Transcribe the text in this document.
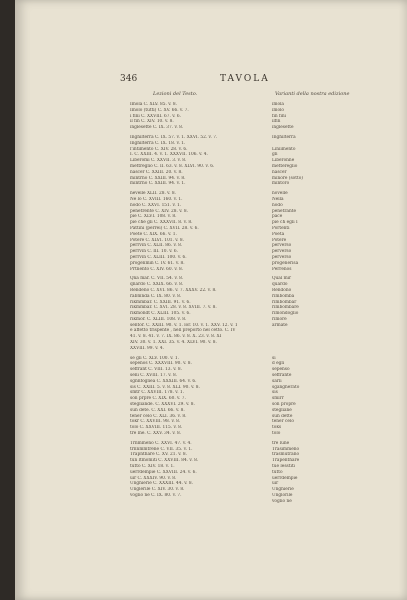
346	TAVOLA
Lezioni del Testo.	Varianti della nostra edizione
Imola C. XLV. 85. v. 8.
Imolo (tutti) C. XV. 66. v. 7.
i fini C. XXVIII. 67. v. 6.
il fin C. XIV. 10. v. 8.
inglesette C. IX. 37. v. 8.
Inghilterra C. IX. 57. v. 1. XXVI. 52. v. 7.
Inghilterra C. IX. 18. v. 1.
l'intimento C. XIV. 28. v. 6.
I. C. XXIII. 4. v. 1. XXXVII. 106. v. 4.
Liberomi C. XXVII. 3. v. 8.
mettreglio C. II. 63. v. 8. XLVI. 90. v. 6.
nascer C. XXIII. 20. v. 8.
mintrno C. XXIII. 94. v. 8.
mintrno C. XXIII. 94. v. 1.
nevelle XLII. 28. v. 8.
Ne lo C. XVIII. 160. v. 1.
nodo C. XXVI. 151. v. 1.
penetrente C. XIV. 28. v. 8.
pie C. XLVI. 108. v. 8.
pie che gli C. XXXVII. 8. v. 8.
Pattini (perrei) C. XVII. 28. v. 6.
Poete C. XIX. 66. v. 1.
Potere C. XLVI. 101. v. 8.
perrvin C. XLII. 86. v. 8.
perrvin C. III. 10. v. 6.
perrvin C. XLIII. 100. v. 6.
progenmin C. IV. 61. v. 8.
Prtnento C. XIV. 60. v. 8.
Qna mar. C. VII. 54. v. 8.
qnardo C. XXIX. 66. v. 8.
Rendeno C. XVI. 86. v. 7. XXXV. 22. v. 8.
rabmnda C. IX. 80. v. 8.
rikmmbar. C. XXIII. 91. v. 6.
rikmmbar. C. XVI. 28. v. 8. XVIII. 7. v. 8.
rikmondt C. XLIII. 105. v. 6.
rikmor. C. XLIII. 108. v. 8.
sentor. C. XXIII. 90. v. 1. lor. 10. v. 1. XXV. 12. v. 1
e affetto trispente , nell preporto nel cetto. C. IV
41. v. 8. 41. v. 7. IX. 86. v. 8. X. 23. v. 8. XI
XIV. 30. v. 1. XXI. 35. v. 4. XLVI. 90. v. 8.
XXVIII. 99. v. 4.
se gli C. XLV. 100. v. 1.
sepenos C. XXXVIII. 90. v. 8.
seffrant C. VIII. 13. v. 8.
seni C. XVIII. 17. v. 8.
sgnnfogliea C. XXXIII. 64. v. 6.
sis C. XXIII. 5. v. 8. XLI. 90. v. 8.
smtr C. XXVIII. 178. v. 1.
son prpre C. XIX. 60. v. 7.
stegliande. C. XXXVI. 29. v. 8.
sun dete. C. XXI. 66. v. 8.
tener celo C. XLI. 36. v. 8.
tokr C. XXVIII. 98. v. 8.
tolo C. XXVIII. 115. v. 8.
tre lne. C. XXV. 34. v. 8.
Trnmmeno C. XXVI. 47. v. 4.
trnnmmtrene C. VII. 35. v. 1.
Trapnthare C. XV. 21. v. 8.
tun ltmomiti C. XXVIII. 84. v. 8.
tutto C. XIV. 18. v. 1.
uerrdempie C. XXVIII. 24. v. 6.
uir C. XXXIV. 90. v. 8.
Unghierie C. XXXIII. 44. v. 8.
Unglerile C. XIV. 30. v. 8.
voglio ne C. IX. 80. v. 7.
imola
imolo
fin fini
ilfin
inglesette
Inghilterra
Liniimento
gli
Liberonne
mettereglio
nascer
minore (sotto)
mintoro
novelle
Nella
nodo
penetrante
pace
pie ch egli I
Portenti
Poeta
Potere
perverso
perverso
perverso
progenerisa
Perrenos
Qual mir
quardo
Rendono
rimbomba
rimbombar
rimbombare
rimondoglio
rimore
armate
si
d egli
sepenso
seffrante
sarli
sgangherato
sis
smirr
son propre
stegliane
sun dette
tener celo
toks
tolo
tre lune
Trasimmeno
trasmutrano
Trapenthare
tue lesstiti
tutto
uerrdempie
uir
Unghierie
Unglorile
voglio ne
